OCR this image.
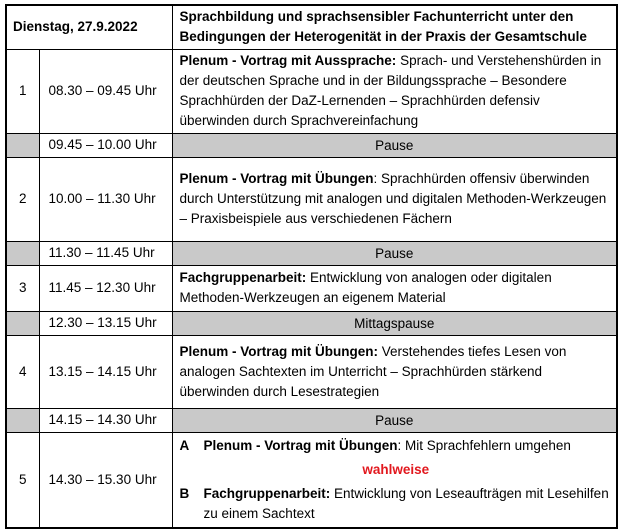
Dienstag, 27.9.2022		Sprachbildung und sprachsensibler Fachunterricht unter den Bedingungen der Heterogenität in der Praxis der Gesamtschule
1	08.30 – 09.45 Uhr	Plenum - Vortrag mit Aussprache: Sprach- und Verstehenshürden in der deutschen Sprache und in der Bildungssprache – Besondere Sprachhürden der DaZ-Lernenden – Sprachhürden defensiv überwinden durch Sprachvereinfachung
	09.45 – 10.00 Uhr	Pause
2	10.00 – 11.30 Uhr	Plenum - Vortrag mit Übungen: Sprachhürden offensiv überwinden durch Unterstützung mit analogen und digitalen Methoden-Werkzeugen – Praxisbeispiele aus verschiedenen Fächern
	11.30 – 11.45 Uhr	Pause
3	11.45 – 12.30 Uhr	Fachgruppenarbeit: Entwicklung von analogen oder digitalen Methoden-Werkzeugen an eigenem Material
	12.30 – 13.15 Uhr	Mittagspause
4	13.15 – 14.15 Uhr	Plenum - Vortrag mit Übungen: Verstehendes tiefes Lesen von analogen Sachtexten im Unterricht – Sprachhürden stärkend überwinden durch Lesestrategien
	14.15 – 14.30 Uhr	Pause
5	14.30 – 15.30 Uhr	A Plenum - Vortrag mit Übungen: Mit Sprachfehlern umgehen
wahlweise
B Fachgruppenarbeit: Entwicklung von Leseaufträgen mit Lesehilfen zu einem Sachtext
